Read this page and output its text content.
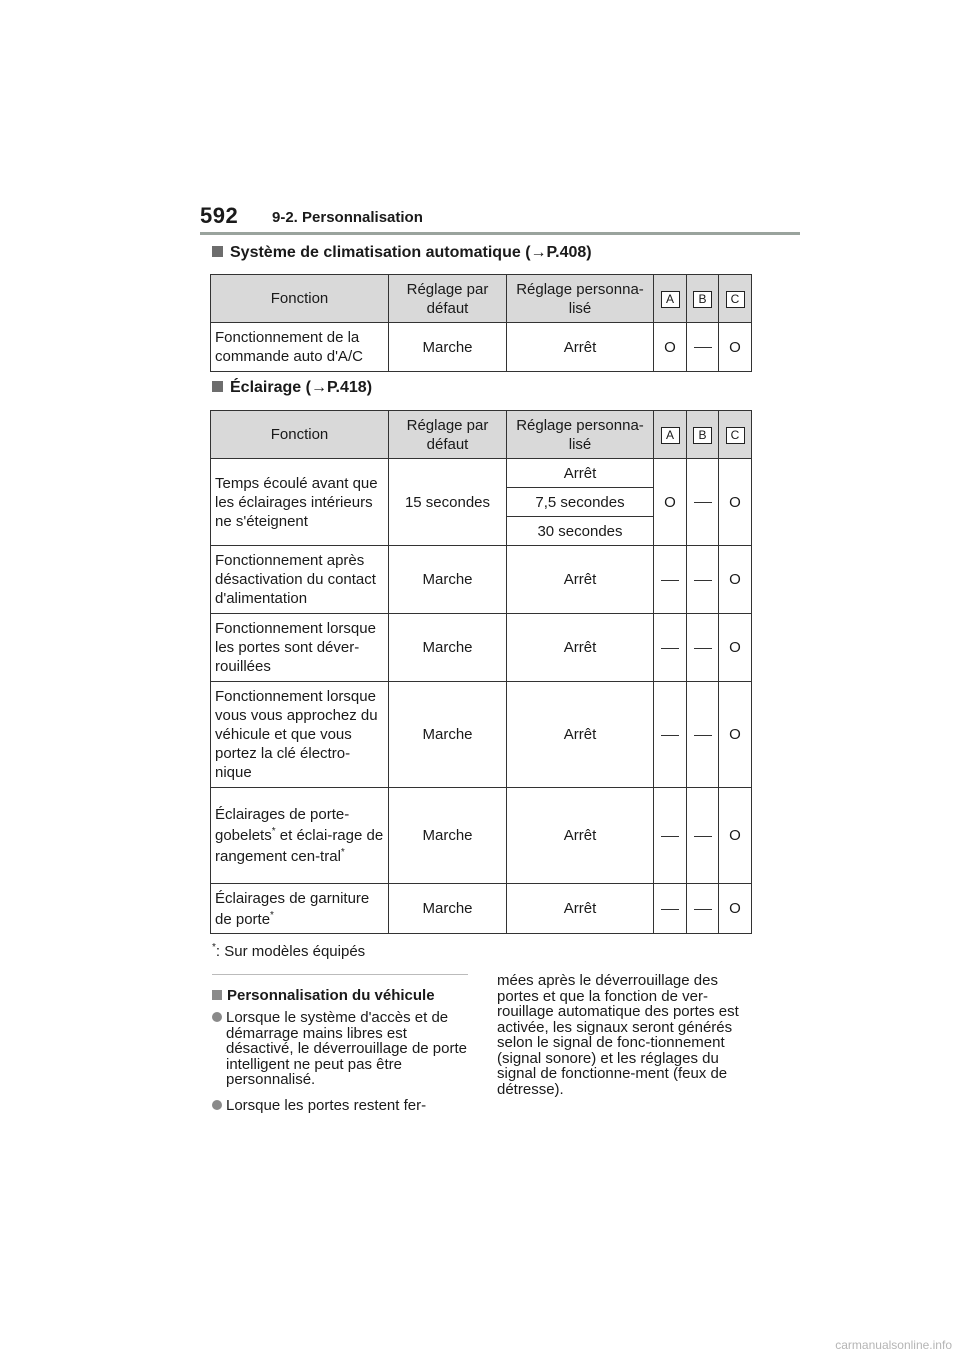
592 9-2. Personnalisation
Système de climatisation automatique (→P.408)
Fonction	Réglage par défaut	Réglage personna-lisé	A	B	C
Fonctionnement de la commande auto d'A/C	Marche	Arrêt	O		O
Éclairage (→P.418)
Fonction	Réglage par défaut	Réglage personna-lisé	A	B	C
Temps écoulé avant que les éclairages intérieurs ne s'éteignent	15 secondes	Arrêt	O		O
		7,5 secondes			
		30 secondes			
Fonctionnement après désactivation du contact d'alimentation	Marche	Arrêt			O
Fonctionnement lorsque les portes sont déver-rouillées	Marche	Arrêt			O
Fonctionnement lorsque vous vous approchez du véhicule et que vous portez la clé électro-nique	Marche	Arrêt			O
Éclairages de porte-gobelets* et éclai-rage de rangement cen-tral*	Marche	Arrêt			O
Éclairages de garniture de porte*	Marche	Arrêt			O
*: Sur modèles équipés
Personnalisation du véhicule
Lorsque le système d'accès et de démarrage mains libres est désactivé, le déverrouillage de porte intelligent ne peut pas être personnalisé.
Lorsque les portes restent fer-
mées après le déverrouillage des portes et que la fonction de ver-rouillage automatique des portes est activée, les signaux seront générés selon le signal de fonc-tionnement (signal sonore) et les réglages du signal de fonctionne-ment (feux de détresse).
carmanualsonline.info
